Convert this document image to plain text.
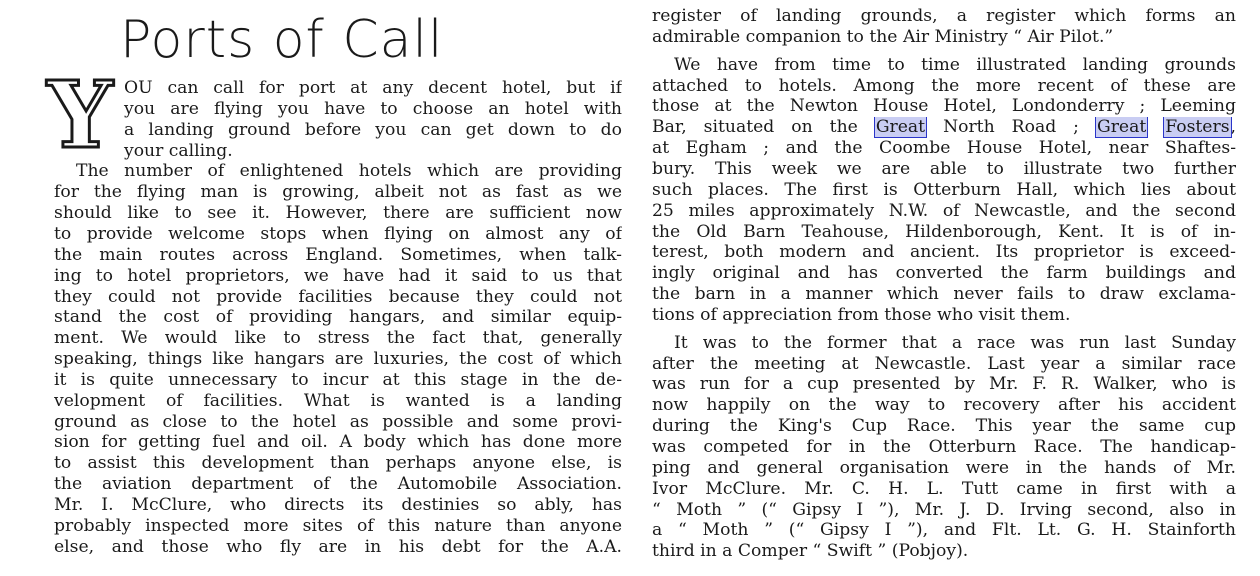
Ports of Call
Y OU can call for port at any decent hotel, but if
you are flying you have to choose an hotel with
a landing ground before you can get down to do
your calling.
The number of enlightened hotels which are providing
for the flying man is growing, albeit not as fast as we
should like to see it. However, there are sufficient now
to provide welcome stops when flying on almost any of
the main routes across England. Sometimes, when talk-
ing to hotel proprietors, we have had it said to us that
they could not provide facilities because they could not
stand the cost of providing hangars, and similar equip-
ment. We would like to stress the fact that, generally
speaking, things like hangars are luxuries, the cost of which
it is quite unnecessary to incur at this stage in the de-
velopment of facilities. What is wanted is a landing
ground as close to the hotel as possible and some provi-
sion for getting fuel and oil. A body which has done more
to assist this development than perhaps anyone else, is
the aviation department of the Automobile Association.
Mr. I. McClure, who directs its destinies so ably, has
probably inspected more sites of this nature than anyone
else, and those who fly are in his debt for the A.A.
register of landing grounds, a register which forms an
admirable companion to the Air Ministry “ Air Pilot.”
We have from time to time illustrated landing grounds
attached to hotels. Among the more recent of these are
those at the Newton House Hotel, Londonderry ; Leeming
Bar, situated on the Great North Road ; Great Fosters,
at Egham ; and the Coombe House Hotel, near Shaftes-
bury. This week we are able to illustrate two further
such places. The first is Otterburn Hall, which lies about
25 miles approximately N.W. of Newcastle, and the second
the Old Barn Teahouse, Hildenborough, Kent. It is of in-
terest, both modern and ancient. Its proprietor is exceed-
ingly original and has converted the farm buildings and
the barn in a manner which never fails to draw exclama-
tions of appreciation from those who visit them.
It was to the former that a race was run last Sunday
after the meeting at Newcastle. Last year a similar race
was run for a cup presented by Mr. F. R. Walker, who is
now happily on the way to recovery after his accident
during the King's Cup Race. This year the same cup
was competed for in the Otterburn Race. The handicap-
ping and general organisation were in the hands of Mr.
Ivor McClure. Mr. C. H. L. Tutt came in first with a
“ Moth ” (“ Gipsy I ”), Mr. J. D. Irving second, also in
a “ Moth ” (“ Gipsy I ”), and Flt. Lt. G. H. Stainforth
third in a Comper “ Swift ” (Pobjoy).
